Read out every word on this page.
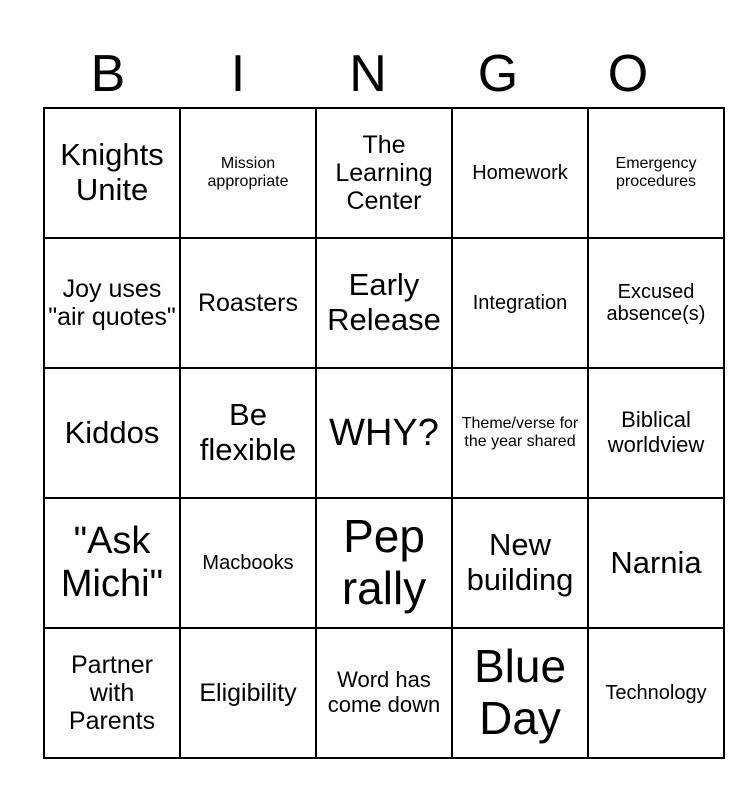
B	I	N	G	O
Knights Unite	Mission appropriate	The Learning Center	Homework	Emergency procedures
Joy uses "air quotes"	Roasters	Early Release	Integration	Excused absence(s)
Kiddos	Be flexible	WHY?	Theme/verse for the year shared	Biblical worldview
"Ask Michi"	Macbooks	Pep rally	New building	Narnia
Partner with Parents	Eligibility	Word has come down	Blue Day	Technology
